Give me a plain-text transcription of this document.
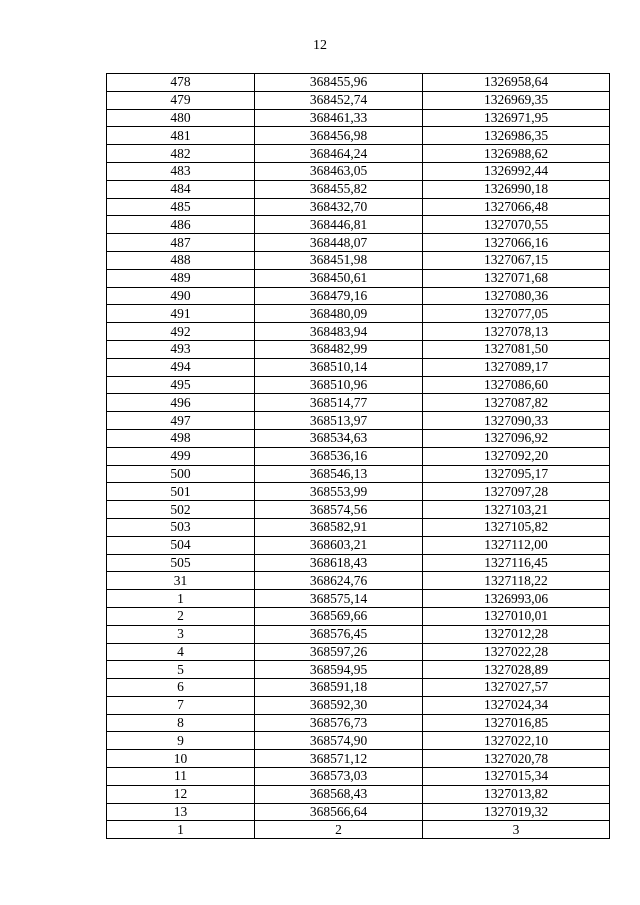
12
478	368455,96	1326958,64
479	368452,74	1326969,35
480	368461,33	1326971,95
481	368456,98	1326986,35
482	368464,24	1326988,62
483	368463,05	1326992,44
484	368455,82	1326990,18
485	368432,70	1327066,48
486	368446,81	1327070,55
487	368448,07	1327066,16
488	368451,98	1327067,15
489	368450,61	1327071,68
490	368479,16	1327080,36
491	368480,09	1327077,05
492	368483,94	1327078,13
493	368482,99	1327081,50
494	368510,14	1327089,17
495	368510,96	1327086,60
496	368514,77	1327087,82
497	368513,97	1327090,33
498	368534,63	1327096,92
499	368536,16	1327092,20
500	368546,13	1327095,17
501	368553,99	1327097,28
502	368574,56	1327103,21
503	368582,91	1327105,82
504	368603,21	1327112,00
505	368618,43	1327116,45
31	368624,76	1327118,22
1	368575,14	1326993,06
2	368569,66	1327010,01
3	368576,45	1327012,28
4	368597,26	1327022,28
5	368594,95	1327028,89
6	368591,18	1327027,57
7	368592,30	1327024,34
8	368576,73	1327016,85
9	368574,90	1327022,10
10	368571,12	1327020,78
11	368573,03	1327015,34
12	368568,43	1327013,82
13	368566,64	1327019,32
1	2	3
